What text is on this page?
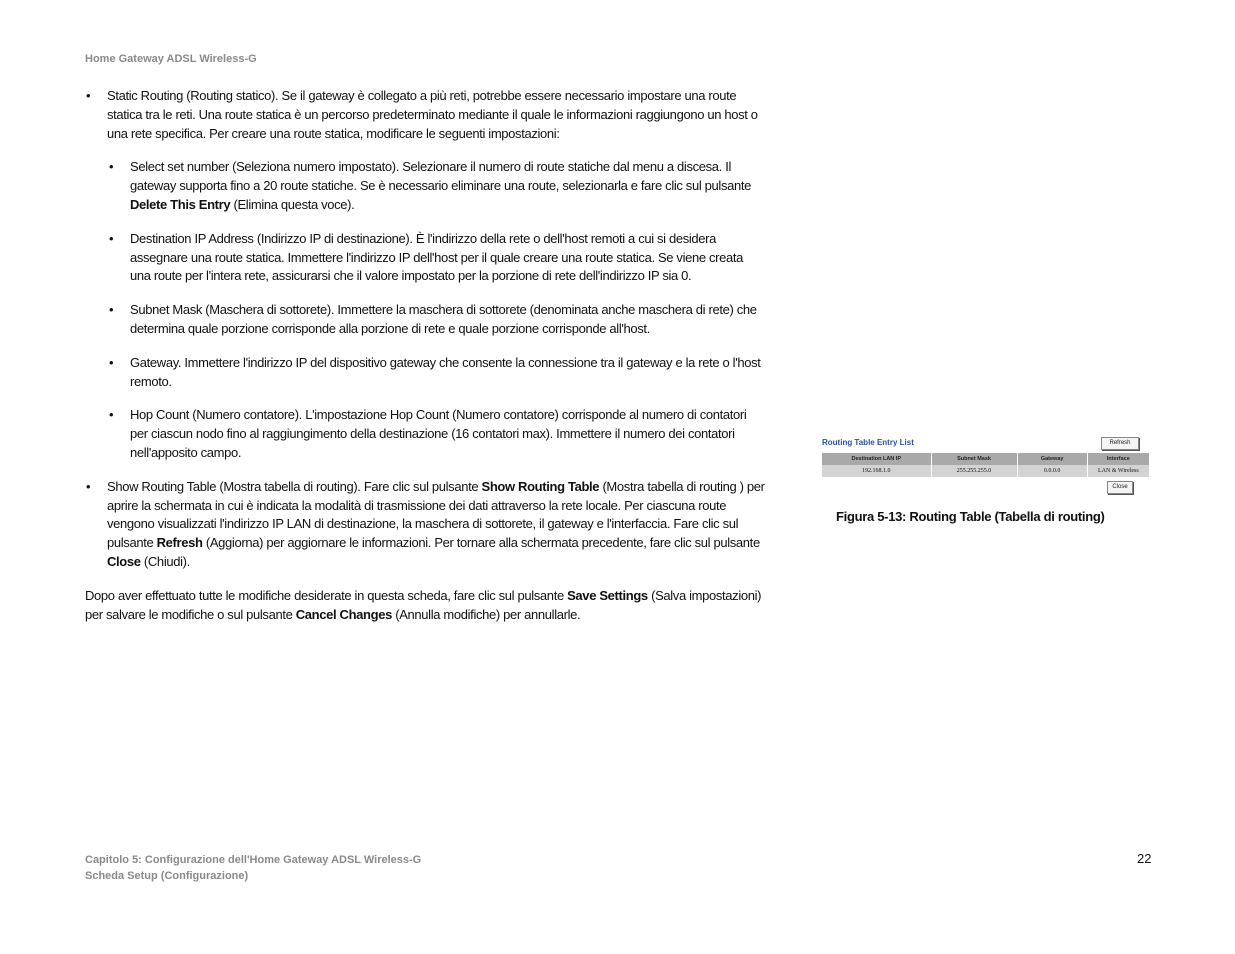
Home Gateway ADSL Wireless-G
• Static Routing (Routing statico). Se il gateway è collegato a più reti, potrebbe essere necessario impostare una route statica tra le reti. Una route statica è un percorso predeterminato mediante il quale le informazioni raggiungono un host o una rete specifica. Per creare una route statica, modificare le seguenti impostazioni:
• Select set number (Seleziona numero impostato). Selezionare il numero di route statiche dal menu a discesa. Il gateway supporta fino a 20 route statiche. Se è necessario eliminare una route, selezionarla e fare clic sul pulsante Delete This Entry (Elimina questa voce).
• Destination IP Address (Indirizzo IP di destinazione). È l'indirizzo della rete o dell'host remoti a cui si desidera assegnare una route statica. Immettere l'indirizzo IP dell'host per il quale creare una route statica. Se viene creata una route per l'intera rete, assicurarsi che il valore impostato per la porzione di rete dell'indirizzo IP sia 0.
• Subnet Mask (Maschera di sottorete). Immettere la maschera di sottorete (denominata anche maschera di rete) che determina quale porzione corrisponde alla porzione di rete e quale porzione corrisponde all'host.
• Gateway. Immettere l'indirizzo IP del dispositivo gateway che consente la connessione tra il gateway e la rete o l'host remoto.
• Hop Count (Numero contatore). L'impostazione Hop Count (Numero contatore) corrisponde al numero di contatori per ciascun nodo fino al raggiungimento della destinazione (16 contatori max). Immettere il numero dei contatori nell'apposito campo.
• Show Routing Table (Mostra tabella di routing). Fare clic sul pulsante Show Routing Table (Mostra tabella di routing ) per aprire la schermata in cui è indicata la modalità di trasmissione dei dati attraverso la rete locale. Per ciascuna route vengono visualizzati l'indirizzo IP LAN di destinazione, la maschera di sottorete, il gateway e l'interfaccia. Fare clic sul pulsante Refresh (Aggiorna) per aggiornare le informazioni. Per tornare alla schermata precedente, fare clic sul pulsante Close (Chiudi).

Dopo aver effettuato tutte le modifiche desiderate in questa scheda, fare clic sul pulsante Save Settings (Salva impostazioni) per salvare le modifiche o sul pulsante Cancel Changes (Annulla modifiche) per annullarle.

Routing Table Entry List	Refresh
Destination LAN IP	Subnet Mask	Gateway	Interface
192.168.1.0	255.255.255.0	0.0.0.0	LAN & Wireless
Close
Figura 5-13: Routing Table (Tabella di routing)
Capitolo 5: Configurazione dell'Home Gateway ADSL Wireless-G
Scheda Setup (Configurazione)
22
